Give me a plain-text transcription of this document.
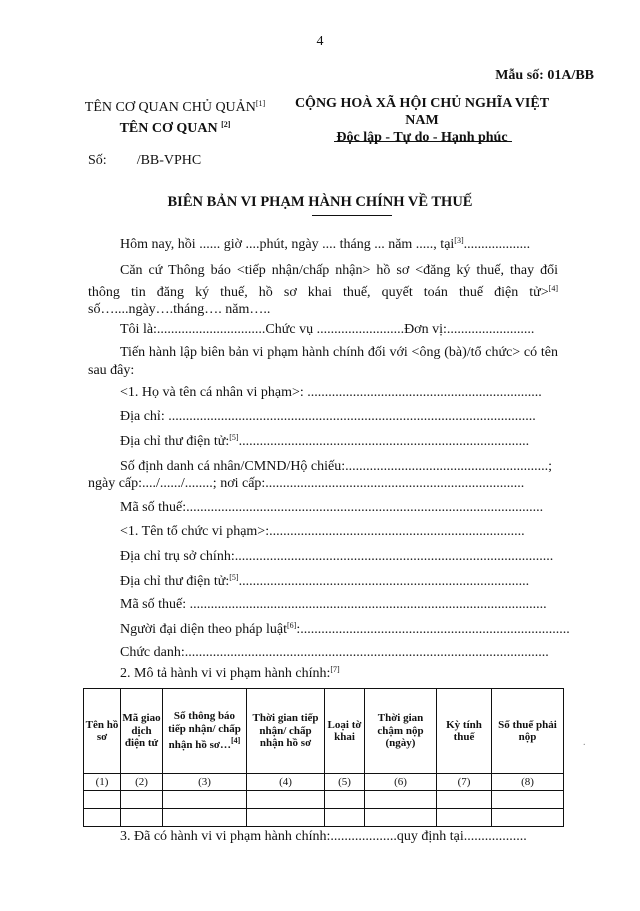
4
Mẫu số: 01A/BB
TÊN CƠ QUAN CHỦ QUẢN[1]
TÊN CƠ QUAN [2]
CỘNG HOÀ XÃ HỘI CHỦ NGHĨA VIỆT NAM
Độc lập - Tự do - Hạnh phúc
Số: /BB-VPHC
BIÊN BẢN VI PHẠM HÀNH CHÍNH VỀ THUẾ
Hôm nay, hồi ...... giờ ....phút, ngày .... tháng ... năm ....., tại[3]...................
Căn cứ Thông báo <tiếp nhận/chấp nhận> hồ sơ <đăng ký thuế, thay đổi thông tin đăng ký thuế, hồ sơ khai thuế, quyết toán thuế điện tử>[4] số…....ngày….tháng…. năm…..
Tôi là:...............................Chức vụ .........................Đơn vị:.........................
Tiến hành lập biên bản vi phạm hành chính đối với <ông (bà)/tổ chức> có tên sau đây:
<1. Họ và tên cá nhân vi phạm>: ...................................................................
Địa chỉ: .........................................................................................................
Địa chỉ thư điện tử:[5]...................................................................................
Số định danh cá nhân/CMND/Hộ chiếu:..........................................................;
ngày cấp:..../....../........; nơi cấp:..........................................................................
Mã số thuế:......................................................................................................
<1. Tên tổ chức vi phạm>:.........................................................................
Địa chỉ trụ sở chính:...........................................................................................
Địa chỉ thư điện tử:[5]...................................................................................
Mã số thuế: ......................................................................................................
Người đại diện theo pháp luật[6]:.............................................................................
Chức danh:........................................................................................................
2. Mô tả hành vi vi phạm hành chính:[7]
Tên hồ sơ	Mã giao dịch điện tử	Số thông báo tiếp nhận/ chấp nhận hồ sơ…[4]	Thời gian tiếp nhận/ chấp nhận hồ sơ	Loại tờ khai	Thời gian chậm nộp (ngày)	Kỳ tính thuế	Số thuế phải nộp
(1)	(2)	(3)	(4)	(5)	(6)	(7)	(8)

.
3. Đã có hành vi vi phạm hành chính:...................quy định tại..................
